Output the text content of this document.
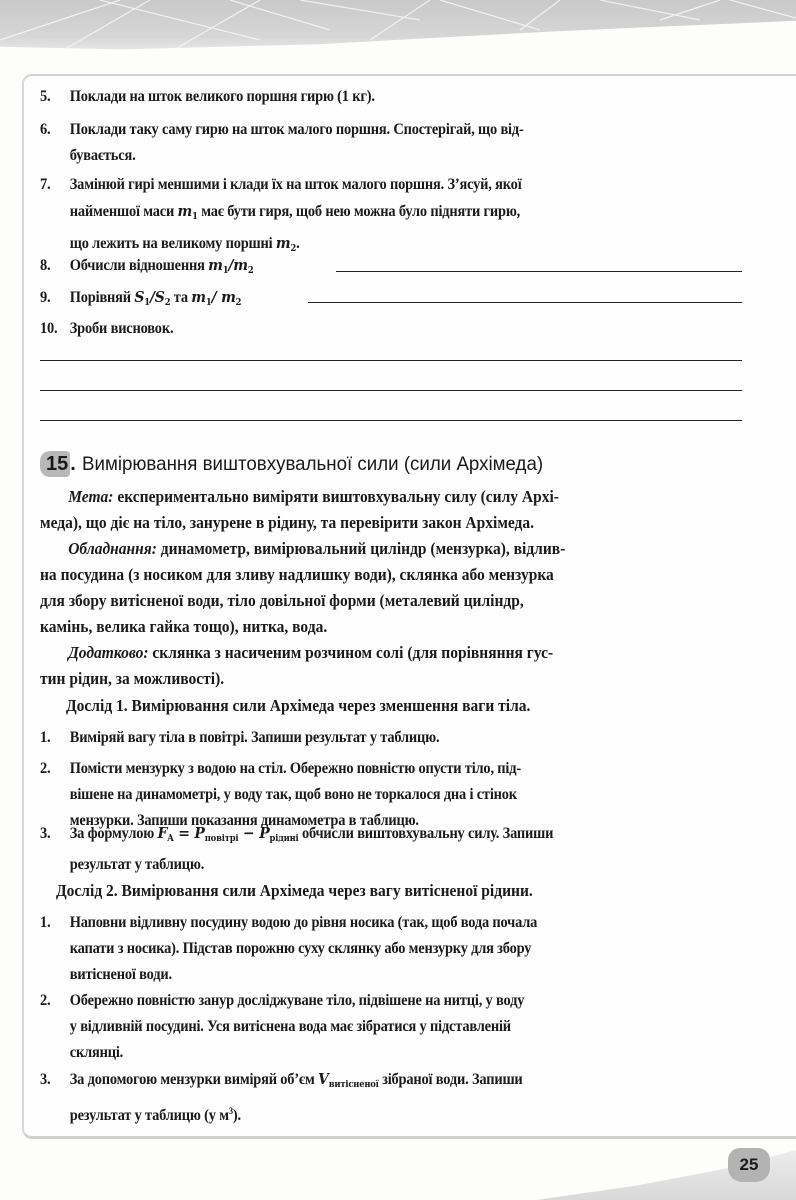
5. Поклади на шток великого поршня гирю (1 кг).
6. Поклади таку саму гирю на шток малого поршня. Спостерігай, що від-
бувається.
7. Замінюй гирі меншими і клади їх на шток малого поршня. З’ясуй, якої
найменшої маси $m_1$ має бути гиря, щоб нею можна було підняти гирю,
що лежить на великому поршні $m_2$.
8. Обчисли відношення $m_1/m_2$
9. Порівняй $S_1/S_2$ та $m_1/$ $m_2$
10. Зроби висновок.
15 . Вимірювання виштовхувальної сили (сили Архімеда)
Мета: експериментально виміряти виштовхувальну силу (силу Архі-
меда), що діє на тіло, занурене в рідину, та перевірити закон Архімеда.
Обладнання: динамометр, вимірювальний циліндр (мензурка), відлив-
на посудина (з носиком для зливу надлишку води), склянка або мензурка
для збору витісненої води, тіло довільної форми (металевий циліндр,
камінь, велика гайка тощо), нитка, вода.
Додатково: склянка з насиченим розчином солі (для порівняння гус-
тин рідин, за можливості).
Дослід 1. Вимірювання сили Архімеда через зменшення ваги тіла.
1. Виміряй вагу тіла в повітрі. Запиши результат у таблицю.
2. Помісти мензурку з водою на стіл. Обережно повністю опусти тіло, під-
вішене на динамометрі, у воду так, щоб воно не торкалося дна і стінок
мензурки. Запиши показання динамометра в таблицю.
3. За формулою $F_A = P_{повітрі} - P_{рідині}$ обчисли виштовхувальну силу. Запиши
результат у таблицю.
Дослід 2. Вимірювання сили Архімеда через вагу витісненої рідини.
1. Наповни відливну посудину водою до рівня носика (так, щоб вода почала
капати з носика). Підстав порожню суху склянку або мензурку для збору
витісненої води.
2. Обережно повністю занур досліджуване тіло, підвішене на нитці, у воду
у відливній посудині. Уся витіснена вода має зібратися у підставленій
склянці.
3. За допомогою мензурки виміряй об’єм $V_{витісненої}$ зібраної води. Запиши
результат у таблицю (у $м^3$).
25
